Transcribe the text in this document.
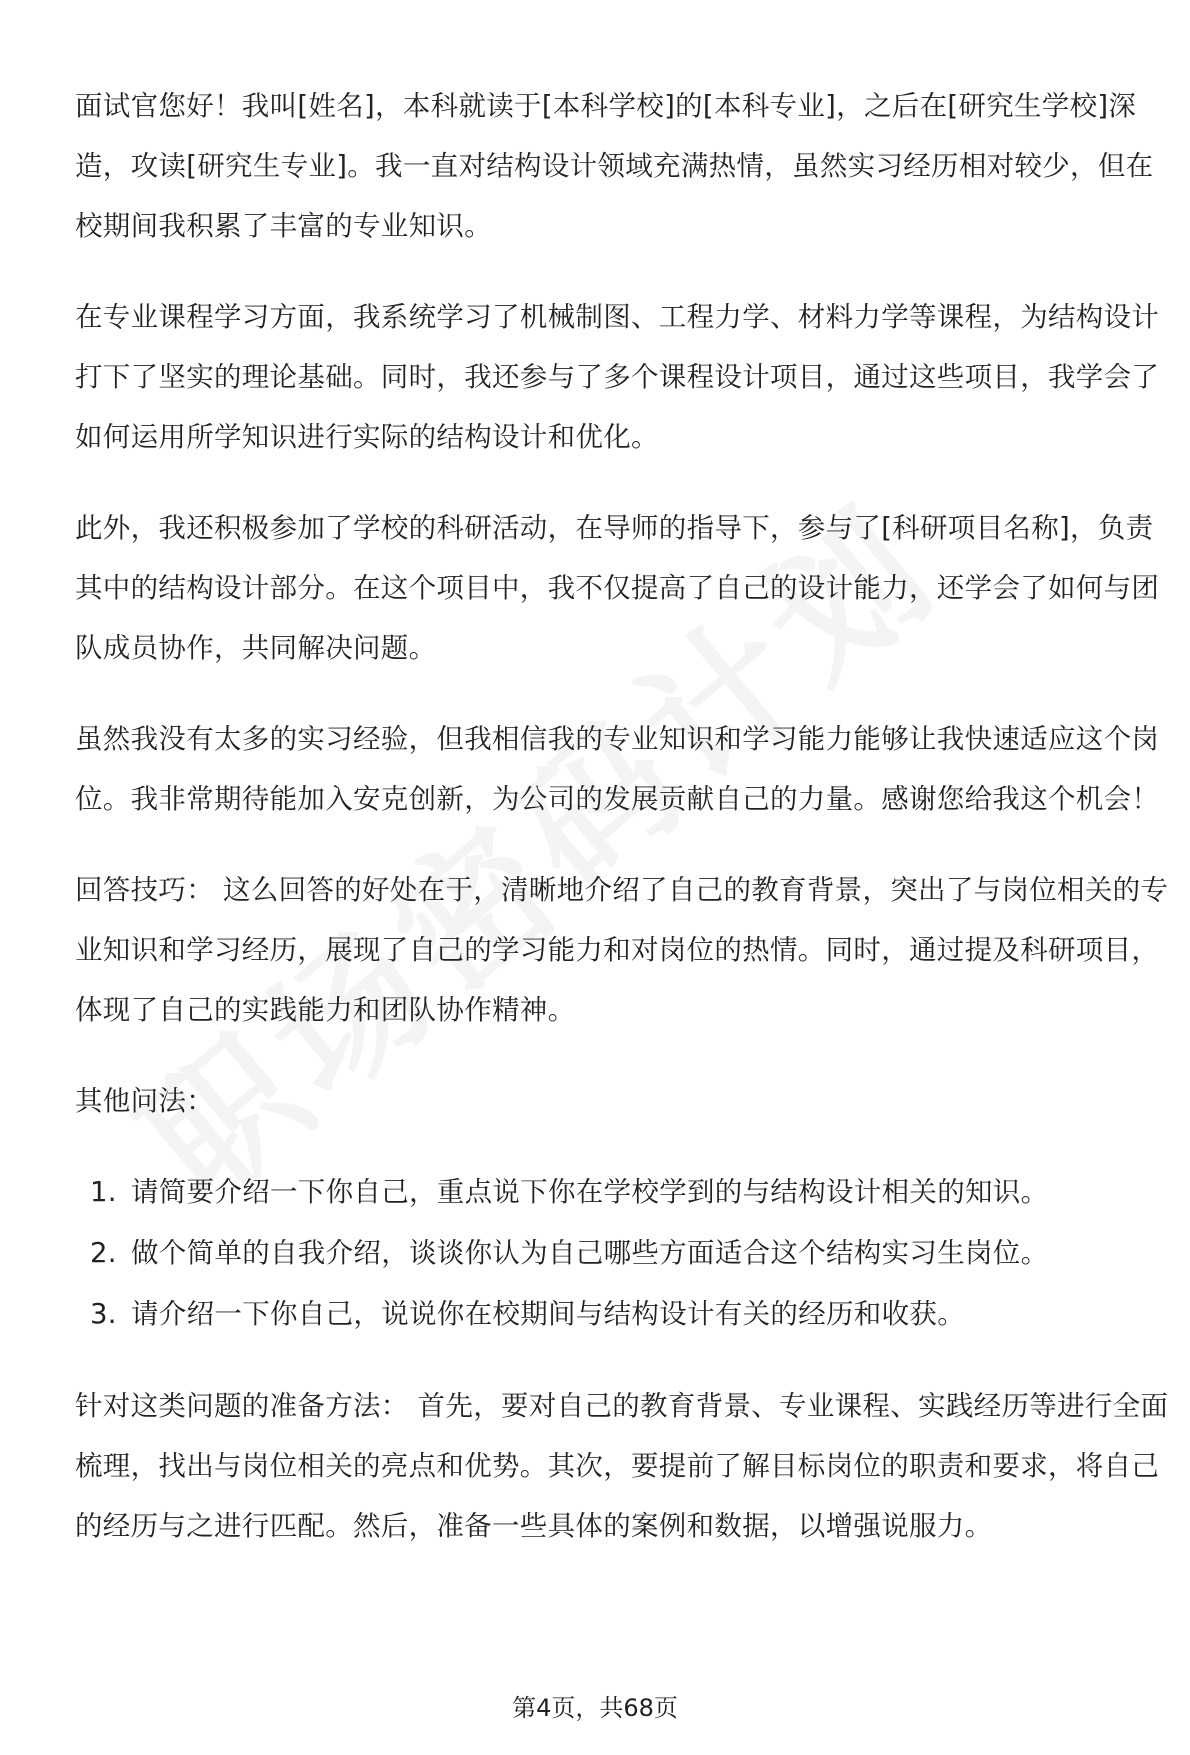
面试官您好！我叫[姓名]，本科就读于[本科学校]的[本科专业]，之后在[研究生学校]深造，攻读[研究生专业]。我一直对结构设计领域充满热情，虽然实习经历相对较少，但在校期间我积累了丰富的专业知识。

在专业课程学习方面，我系统学习了机械制图、工程力学、材料力学等课程，为结构设计打下了坚实的理论基础。同时，我还参与了多个课程设计项目，通过这些项目，我学会了如何运用所学知识进行实际的结构设计和优化。

此外，我还积极参加了学校的科研活动，在导师的指导下，参与了[科研项目名称]，负责其中的结构设计部分。在这个项目中，我不仅提高了自己的设计能力，还学会了如何与团队成员协作，共同解决问题。

虽然我没有太多的实习经验，但我相信我的专业知识和学习能力能够让我快速适应这个岗位。我非常期待能加入安克创新，为公司的发展贡献自己的力量。感谢您给我这个机会！

回答技巧： 这么回答的好处在于，清晰地介绍了自己的教育背景，突出了与岗位相关的专业知识和学习经历，展现了自己的学习能力和对岗位的热情。同时，通过提及科研项目，体现了自己的实践能力和团队协作精神。

其他问法：

1. 请简要介绍一下你自己，重点说下你在学校学到的与结构设计相关的知识。
2. 做个简单的自我介绍，谈谈你认为自己哪些方面适合这个结构实习生岗位。
3. 请介绍一下你自己，说说你在校期间与结构设计有关的经历和收获。

针对这类问题的准备方法： 首先，要对自己的教育背景、专业课程、实践经历等进行全面梳理，找出与岗位相关的亮点和优势。其次，要提前了解目标岗位的职责和要求，将自己的经历与之进行匹配。然后，准备一些具体的案例和数据，以增强说服力。

第4页，共68页
